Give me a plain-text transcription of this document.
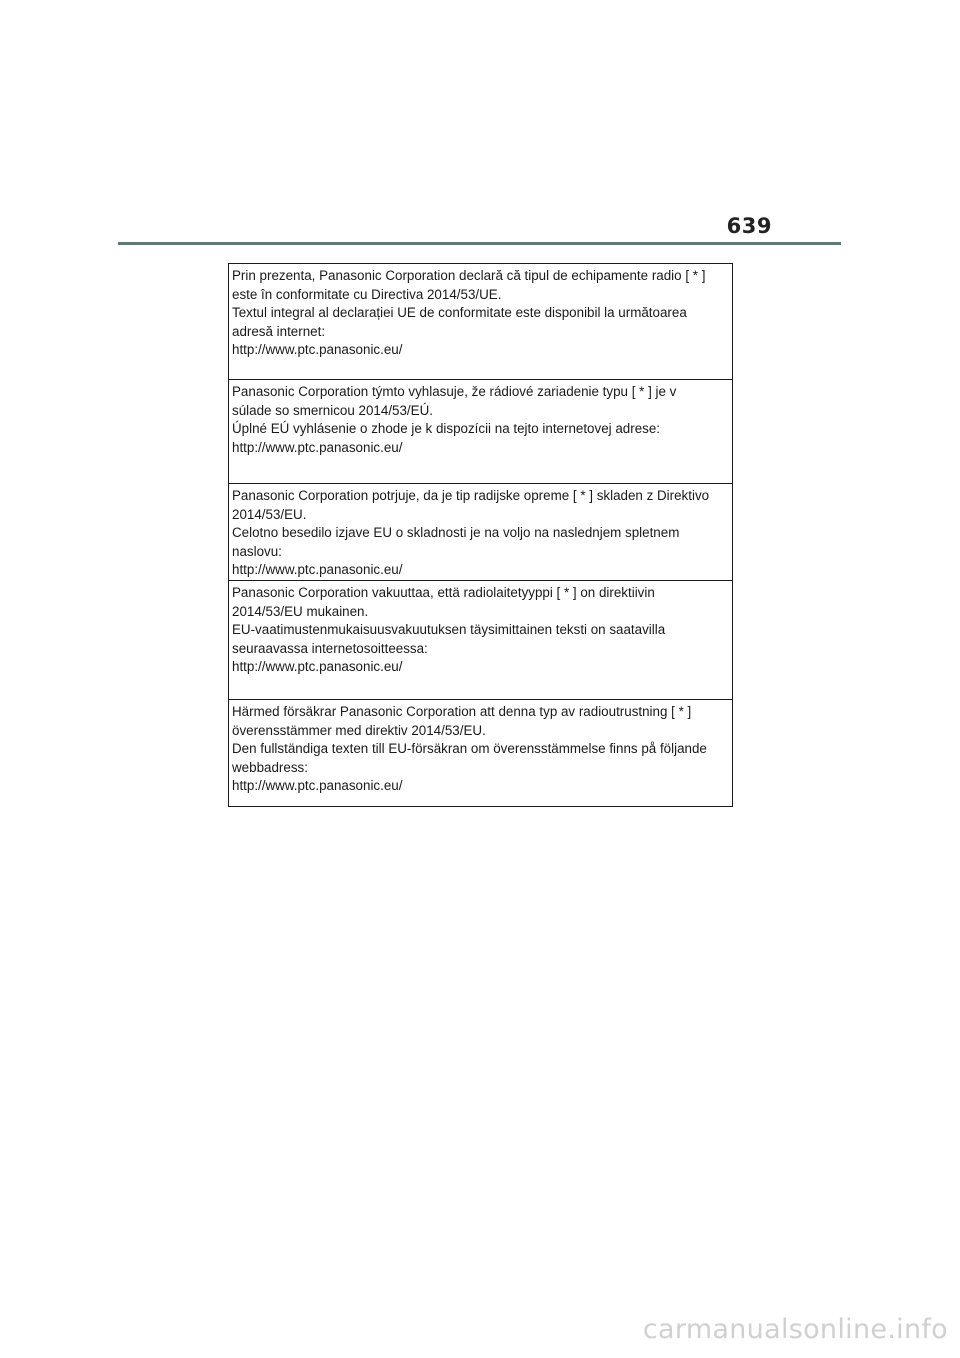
639
Prin prezenta, Panasonic Corporation declară că tipul de echipamente radio [ * ]
este în conformitate cu Directiva 2014/53/UE.
Textul integral al declarației UE de conformitate este disponibil la următoarea
adresă internet:
http://www.ptc.panasonic.eu/
Panasonic Corporation týmto vyhlasuje, že rádiové zariadenie typu [ * ] je v
súlade so smernicou 2014/53/EÚ.
Úplné EÚ vyhlásenie o zhode je k dispozícii na tejto internetovej adrese:
http://www.ptc.panasonic.eu/
Panasonic Corporation potrjuje, da je tip radijske opreme [ * ] skladen z Direktivo
2014/53/EU.
Celotno besedilo izjave EU o skladnosti je na voljo na naslednjem spletnem
naslovu:
http://www.ptc.panasonic.eu/
Panasonic Corporation vakuuttaa, että radiolaitetyyppi [ * ] on direktiivin
2014/53/EU mukainen.
EU-vaatimustenmukaisuusvakuutuksen täysimittainen teksti on saatavilla
seuraavassa internetosoitteessa:
http://www.ptc.panasonic.eu/
Härmed försäkrar Panasonic Corporation att denna typ av radioutrustning [ * ]
överensstämmer med direktiv 2014/53/EU.
Den fullständiga texten till EU-försäkran om överensstämmelse finns på följande
webbadress:
http://www.ptc.panasonic.eu/
carmanualsonline.info
